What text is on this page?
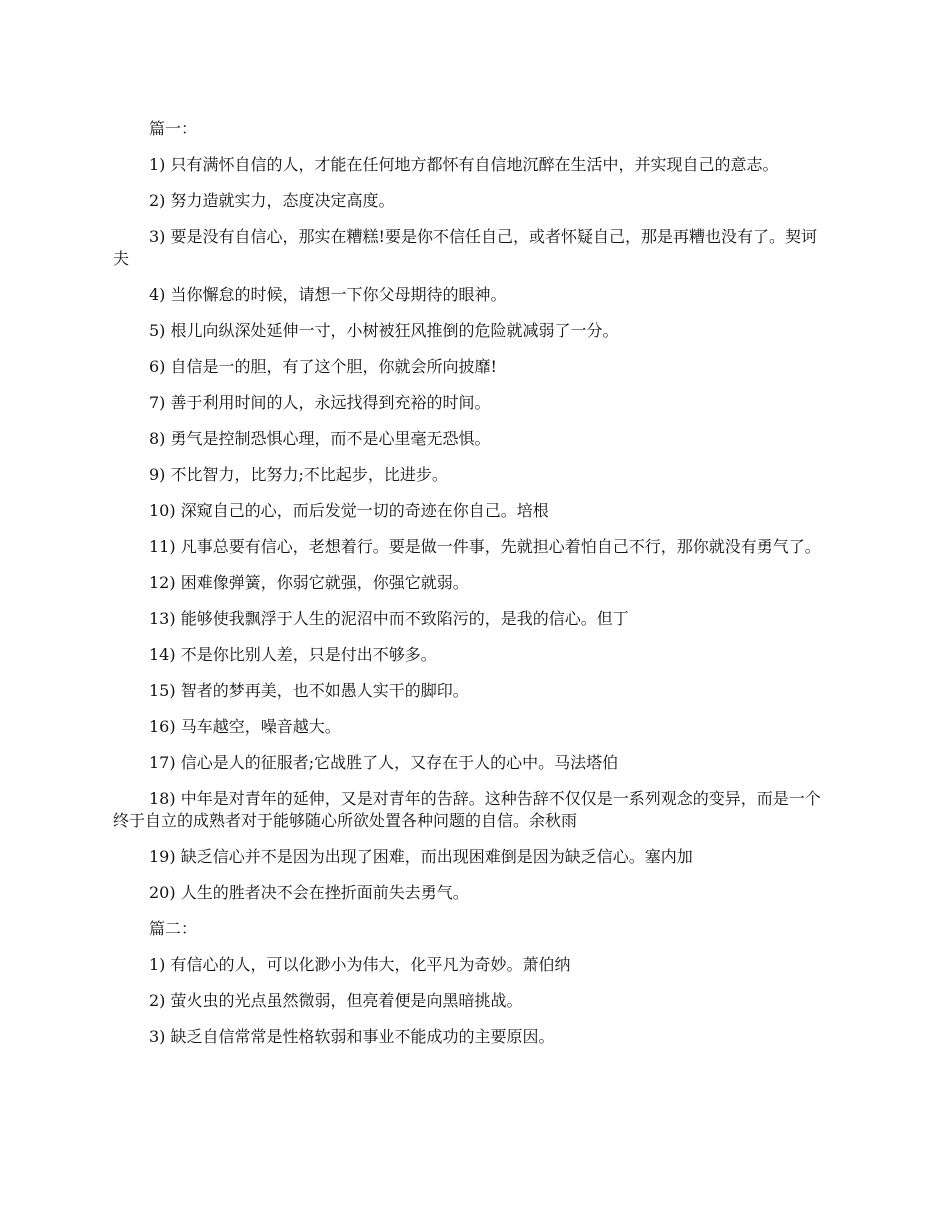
篇一：

1) 只有满怀自信的人，才能在任何地方都怀有自信地沉醉在生活中，并实现自己的意志。

2) 努力造就实力，态度决定高度。

3) 要是没有自信心，那实在糟糕!要是你不信任自己，或者怀疑自己，那是再糟也没有了。契诃夫

4) 当你懈怠的时候，请想一下你父母期待的眼神。

5) 根儿向纵深处延伸一寸，小树被狂风推倒的危险就减弱了一分。

6) 自信是一的胆，有了这个胆，你就会所向披靡!

7) 善于利用时间的人，永远找得到充裕的时间。

8) 勇气是控制恐惧心理，而不是心里毫无恐惧。

9) 不比智力，比努力;不比起步，比进步。

10) 深窥自己的心，而后发觉一切的奇迹在你自己。培根

11) 凡事总要有信心，老想着行。要是做一件事，先就担心着怕自己不行，那你就没有勇气了。

12) 困难像弹簧，你弱它就强，你强它就弱。

13) 能够使我飘浮于人生的泥沼中而不致陷污的，是我的信心。但丁

14) 不是你比别人差，只是付出不够多。

15) 智者的梦再美，也不如愚人实干的脚印。

16) 马车越空，噪音越大。

17) 信心是人的征服者;它战胜了人，又存在于人的心中。马法塔伯

18) 中年是对青年的延伸，又是对青年的告辞。这种告辞不仅仅是一系列观念的变异，而是一个终于自立的成熟者对于能够随心所欲处置各种问题的自信。余秋雨

19) 缺乏信心并不是因为出现了困难，而出现困难倒是因为缺乏信心。塞内加

20) 人生的胜者决不会在挫折面前失去勇气。

篇二：

1) 有信心的人，可以化渺小为伟大，化平凡为奇妙。萧伯纳

2) 萤火虫的光点虽然微弱，但亮着便是向黑暗挑战。

3) 缺乏自信常常是性格软弱和事业不能成功的主要原因。
